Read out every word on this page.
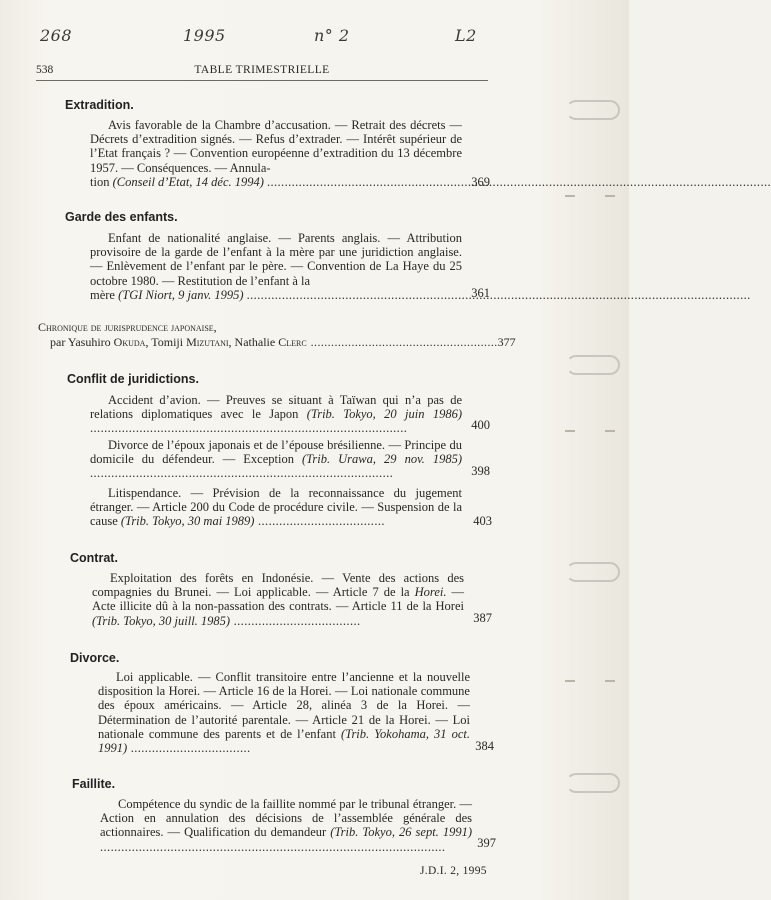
268	1995	n° 2	L2
538	TABLE TRIMESTRIELLE
Extradition.
Avis favorable de la Chambre d’accusation. — Retrait des décrets — Décrets d’extradition signés. — Refus d’extrader. — Intérêt supérieur de l’Etat français ? — Convention européenne d’extradition du 13 décembre 1957. — Conséquences. — Annula-
tion (Conseil d’Etat, 14 déc. 1994) .....	369
Garde des enfants.
Enfant de nationalité anglaise. — Parents anglais. — Attribution provisoire de la garde de l’enfant à la mère par une juridiction anglaise. — Enlèvement de l’enfant par le père. — Convention de La Haye du 25 octobre 1980. — Restitution de l’enfant à la
mère (TGI Niort, 9 janv. 1995) .....	361
Chronique de jurisprudence japonaise,
par Yasuhiro Okuda, Tomiji Mizutani, Nathalie Clerc ....................................................... 377
Conflit de juridictions.
Accident d’avion. — Preuves se situant à Taïwan qui n’a pas de relations diplomatiques avec le Japon (Trib. Tokyo, 20 juin 1986) ..........................................................................................	400
Divorce de l’époux japonais et de l’épouse brésilienne. — Principe du domicile du défendeur. — Exception (Trib. Urawa, 29 nov. 1985) ......................................................................................	398
Litispendance. — Prévision de la reconnaissance du jugement étranger. — Article 200 du Code de procédure civile. — Suspension de la cause (Trib. Tokyo, 30 mai 1989) ....................................	403
Contrat.
Exploitation des forêts en Indonésie. — Vente des actions des compagnies du Brunei. — Loi applicable. — Article 7 de la Horei. — Acte illicite dû à la non-passation des contrats. — Article 11 de la Horei (Trib. Tokyo, 30 juill. 1985) ....................................	387
Divorce.
Loi applicable. — Conflit transitoire entre l’ancienne et la nouvelle disposition la Horei. — Article 16 de la Horei. — Loi nationale commune des époux américains. — Article 28, alinéa 3 de la Horei. — Détermination de l’autorité parentale. — Article 21 de la Horei. — Loi nationale commune des parents et de l’enfant (Trib. Yokohama, 31 oct. 1991) ..................................	384
Faillite.
Compétence du syndic de la faillite nommé par le tribunal étranger. — Action en annulation des décisions de l’assemblée générale des actionnaires. — Qualification du demandeur (Trib. Tokyo, 26 sept. 1991) ..................................................................................................	397
J.D.I. 2, 1995
